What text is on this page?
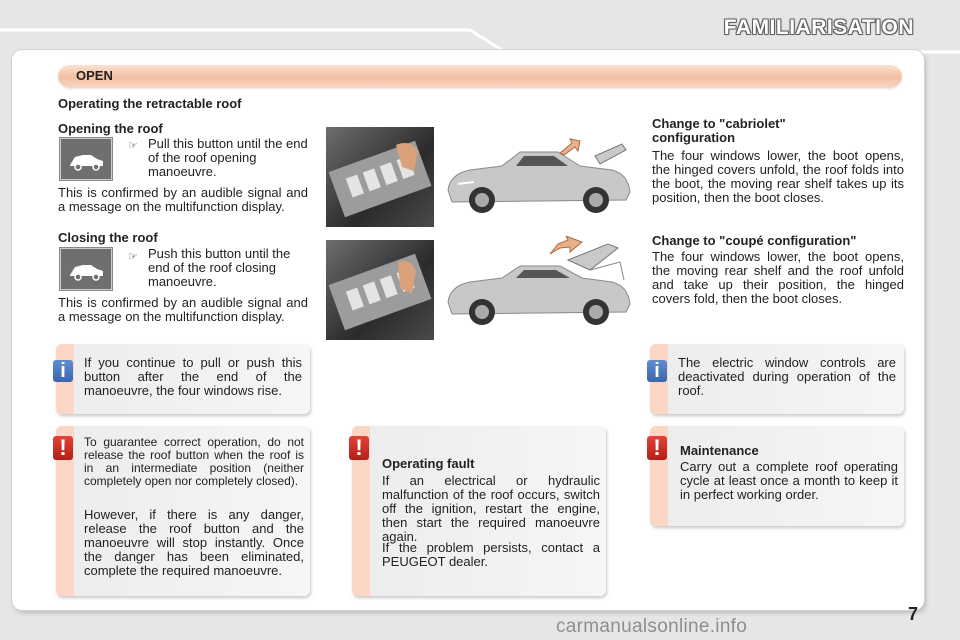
FAMILIARISATION
OPEN
Operating the retractable roof
Opening the roof
☞ Pull this button until the end of the roof opening manoeuvre.
This is confirmed by an audible signal and a message on the multifunction display.
Closing the roof
☞ Push this button until the end of the roof closing manoeuvre.
This is confirmed by an audible signal and a message on the multifunction display.
Change to "cabriolet" configuration
The four windows lower, the boot opens, the hinged covers unfold, the roof folds into the boot, the moving rear shelf takes up its position, then the boot closes.
Change to "coupé configuration"
The four windows lower, the boot opens, the moving rear shelf and the roof unfold and take up their position, the hinged covers fold, then the boot closes.
i	If you continue to pull or push this button after the end of the manoeuvre, the four windows rise.
i	The electric window controls are deactivated during operation of the roof.
!	To guarantee correct operation, do not release the roof button when the roof is in an intermediate position (neither completely open nor completely closed).
However, if there is any danger, release the roof button and the manoeuvre will stop instantly. Once the danger has been eliminated, complete the required manoeuvre.
!
Operating fault
If an electrical or hydraulic malfunction of the roof occurs, switch off the ignition, restart the engine, then start the required manoeuvre again.
If the problem persists, contact a PEUGEOT dealer.
!	Maintenance
Carry out a complete roof operating cycle at least once a month to keep it in perfect working order.
7
carmanualsonline.info
